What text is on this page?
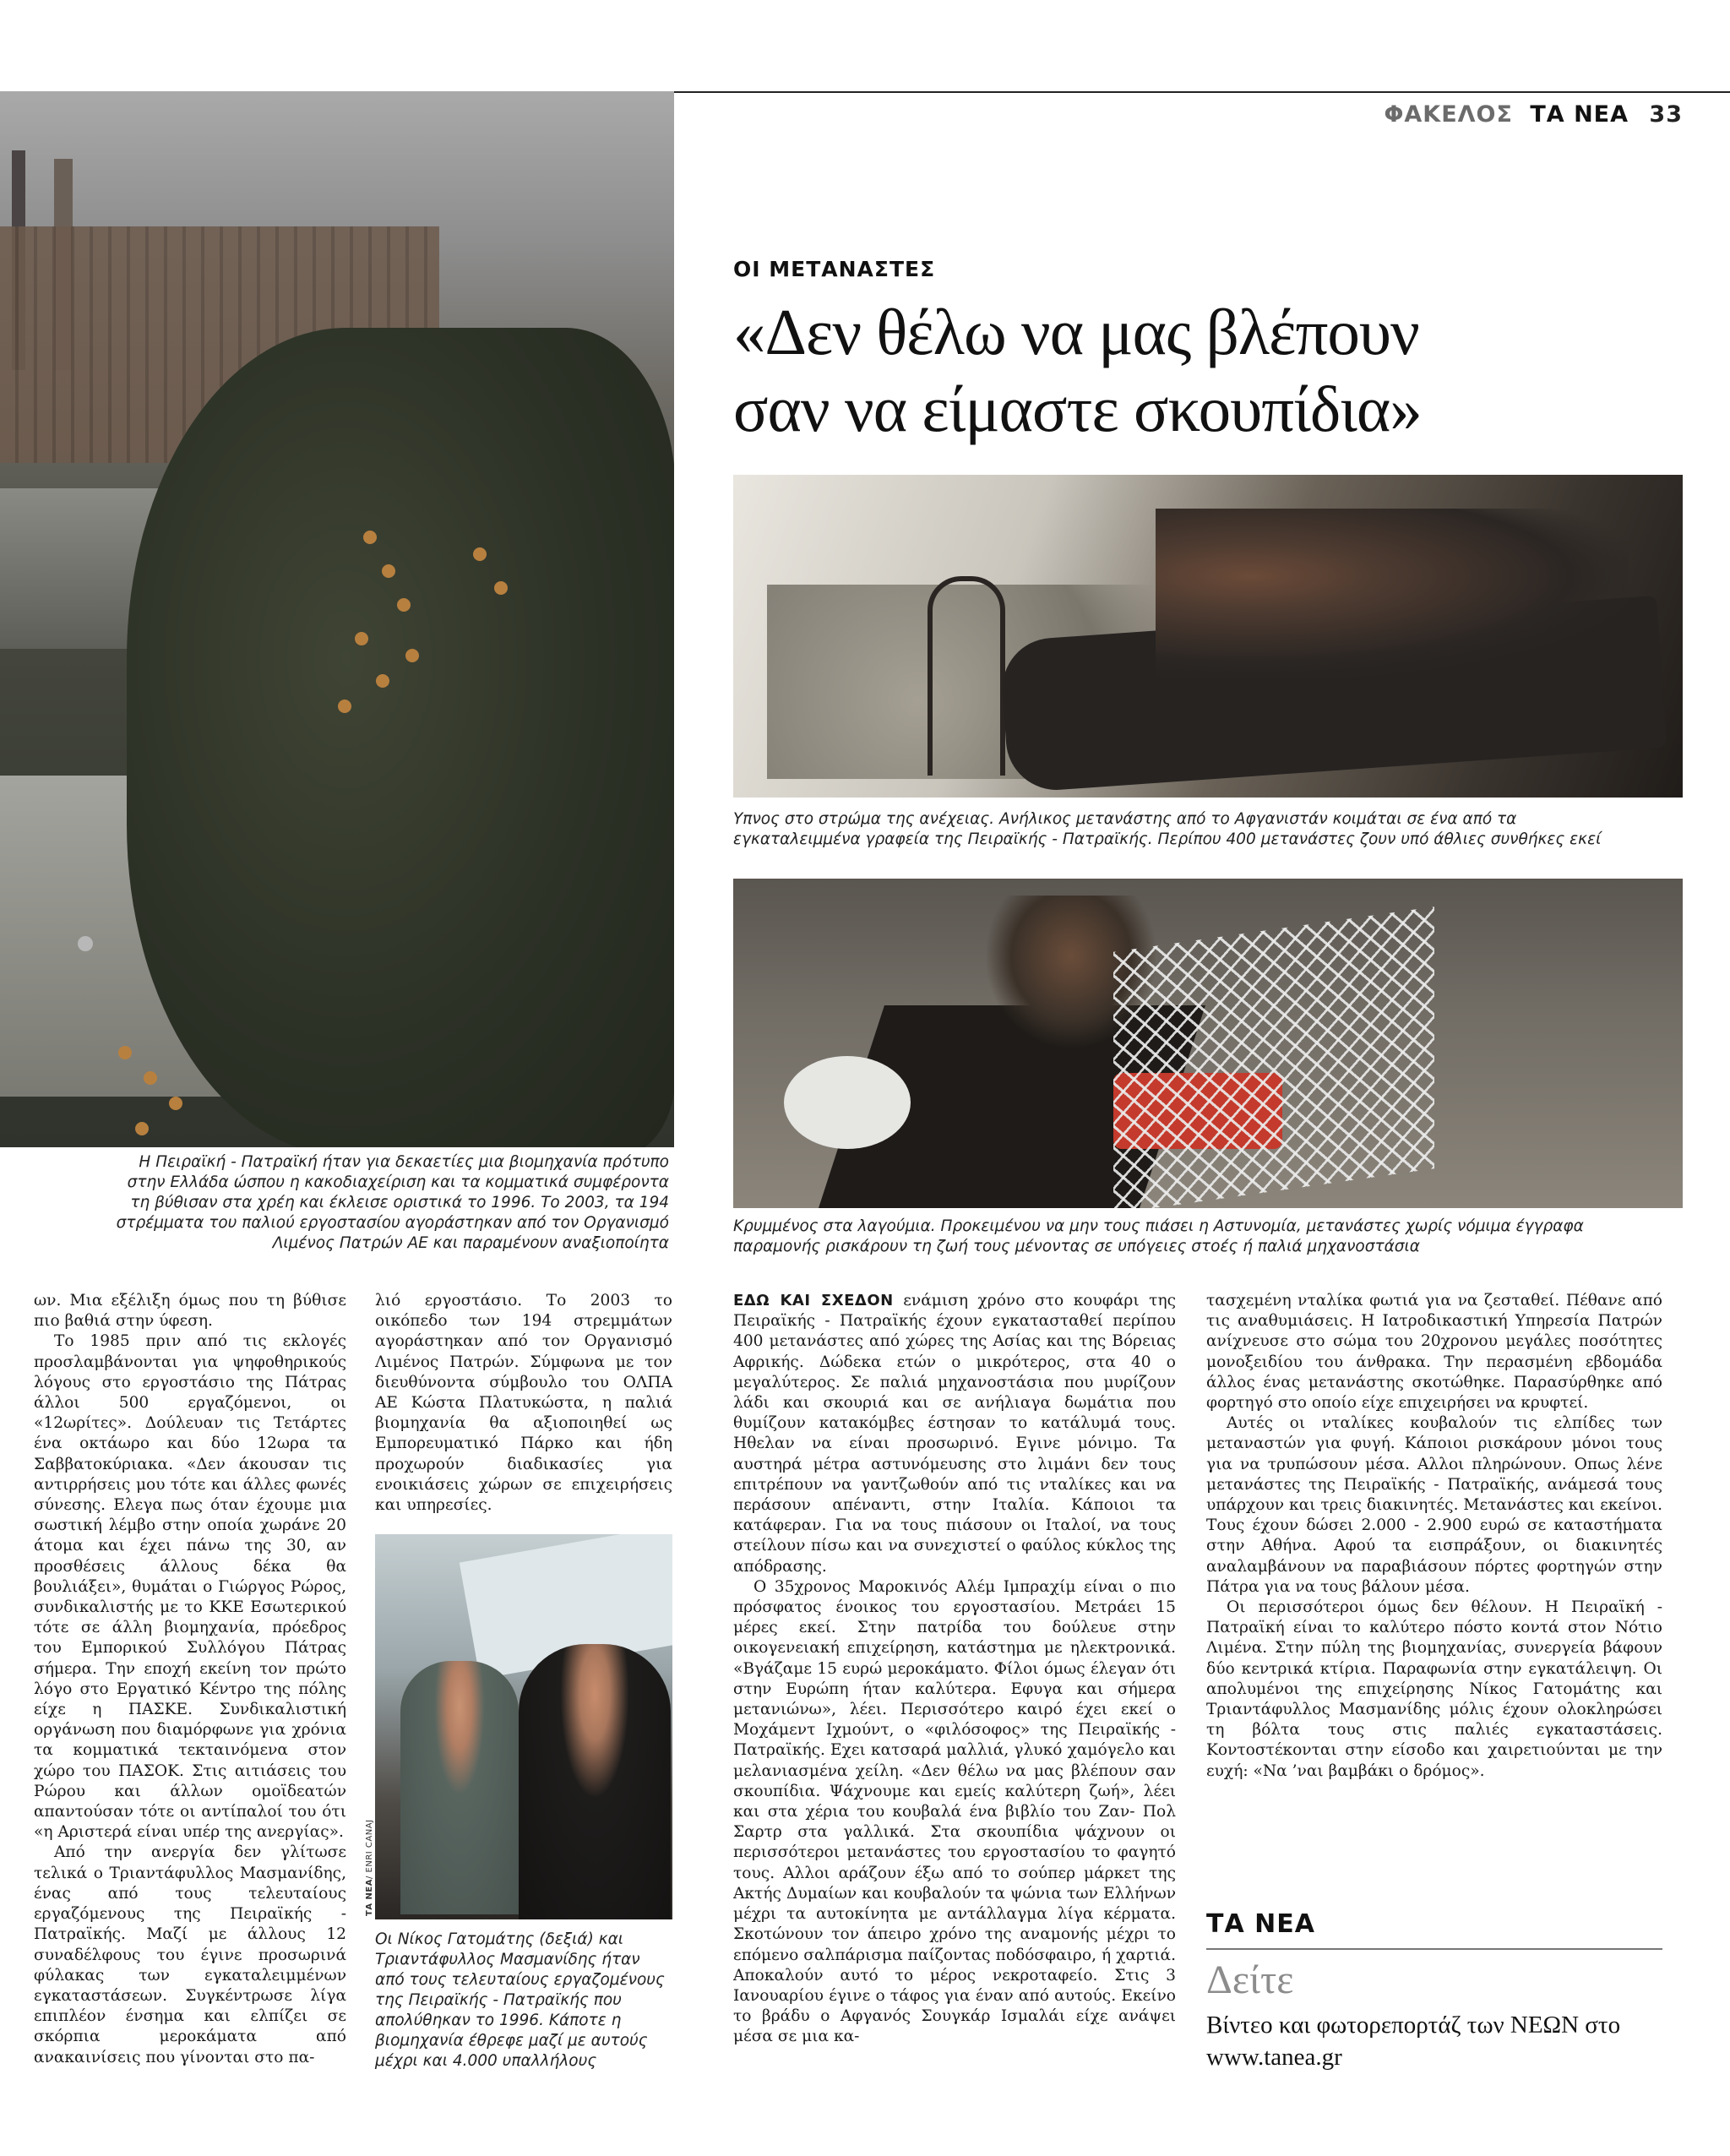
ΦΑΚΕΛΟΣ ΤΑ ΝΕΑ 33
Η Πειραϊκή - Πατραϊκή ήταν για δεκαετίες μια βιομηχανία πρότυπο
στην Ελλάδα ώσπου η κακοδιαχείριση και τα κομματικά συμφέροντα
τη βύθισαν στα χρέη και έκλεισε οριστικά το 1996. Το 2003, τα 194
στρέμματα του παλιού εργοστασίου αγοράστηκαν από τον Οργανισμό
Λιμένος Πατρών ΑΕ και παραμένουν αναξιοποίητα
ΟΙ ΜΕΤΑΝΑΣΤΕΣ
«Δεν θέλω να μας βλέπουν
σαν να είμαστε σκουπίδια»
Υπνος στο στρώμα της ανέχειας. Ανήλικος μετανάστης από το Αφγανιστάν κοιμάται σε ένα από τα
εγκαταλειμμένα γραφεία της Πειραϊκής - Πατραϊκής. Περίπου 400 μετανάστες ζουν υπό άθλιες συνθήκες εκεί
Κρυμμένος στα λαγούμια. Προκειμένου να μην τους πιάσει η Αστυνομία, μετανάστες χωρίς νόμιμα έγγραφα
παραμονής ρισκάρουν τη ζωή τους μένοντας σε υπόγειες στοές ή παλιά μηχανοστάσια

ων. Μια εξέλιξη όμως που τη βύθισε πιο βαθιά στην ύφεση.

Το 1985 πριν από τις εκλογές προσλαμβάνονται για ψηφοθηρικούς λόγους στο εργοστάσιο της Πάτρας άλλοι 500 εργαζόμενοι, οι «12ωρίτες». Δούλευαν τις Τετάρτες ένα οκτάωρο και δύο 12ωρα τα Σαββατοκύριακα. «Δεν άκουσαν τις αντιρρήσεις μου τότε και άλλες φωνές σύνεσης. Ελεγα πως όταν έχουμε μια σωστική λέμβο στην οποία χωράνε 20 άτομα και έχει πάνω της 30, αν προσθέσεις άλλους δέκα θα βουλιάξει», θυμάται ο Γιώργος Ρώρος, συνδικαλιστής με το ΚΚΕ Εσωτερικού τότε σε άλλη βιομηχανία, πρόεδρος του Εμπορικού Συλλόγου Πάτρας σήμερα. Την εποχή εκείνη τον πρώτο λόγο στο Εργατικό Κέντρο της πόλης είχε η ΠΑΣΚΕ. Συνδικαλιστική οργάνωση που διαμόρφωνε για χρόνια τα κομματικά τεκταινόμενα στον χώρο του ΠΑΣΟΚ. Στις αιτιάσεις του Ρώρου και άλλων ομοϊδεατών απαντούσαν τότε οι αντίπαλοί του ότι «η Αριστερά είναι υπέρ της ανεργίας».

Από την ανεργία δεν γλίτωσε τελικά ο Τριαντάφυλλος Μασμανίδης, ένας από τους τελευταίους εργαζόμενους της Πειραϊκής - Πατραϊκής. Μαζί με άλλους 12 συναδέλφους του έγινε προσωρινά φύλακας των εγκαταλειμμένων εγκαταστάσεων. Συγκέντρωσε λίγα επιπλέον ένσημα και ελπίζει σε σκόρπια μεροκάματα από ανακαινίσεις που γίνονται στο πα-

λιό εργοστάσιο. Το 2003 το οικόπεδο των 194 στρεμμάτων αγοράστηκαν από τον Οργανισμό Λιμένος Πατρών. Σύμφωνα με τον διευθύνοντα σύμβουλο του ΟΛΠΑ ΑΕ Κώστα Πλατυκώστα, η παλιά βιομηχανία θα αξιοποιηθεί ως Εμπορευματικό Πάρκο και ήδη προχωρούν διαδικασίες για ενοικιάσεις χώρων σε επιχειρήσεις και υπηρεσίες.

ΤΑ ΝΕΑ/ ENRI CANAJ
Οι Νίκος Γατομάτης (δεξιά) και
Τριαντάφυλλος Μασμανίδης ήταν
από τους τελευταίους εργαζομένους
της Πειραϊκής - Πατραϊκής που
απολύθηκαν το 1996. Κάποτε η
βιομηχανία έθρεφε μαζί με αυτούς
μέχρι και 4.000 υπαλλήλους

ΕΔΩ ΚΑΙ ΣΧΕΔΟΝ ενάμιση χρόνο στο κουφάρι της Πειραϊκής - Πατραϊκής έχουν εγκατασταθεί περίπου 400 μετανάστες από χώρες της Ασίας και της Βόρειας Αφρικής. Δώδεκα ετών ο μικρότερος, στα 40 ο μεγαλύτερος. Σε παλιά μηχανοστάσια που μυρίζουν λάδι και σκουριά και σε ανήλιαγα δωμάτια που θυμίζουν κατακόμβες έστησαν το κατάλυμά τους. Ηθελαν να είναι προσωρινό. Εγινε μόνιμο. Τα αυστηρά μέτρα αστυνόμευσης στο λιμάνι δεν τους επιτρέπουν να γαντζωθούν από τις νταλίκες και να περάσουν απέναντι, στην Ιταλία. Κάποιοι τα κατάφεραν. Για να τους πιάσουν οι Ιταλοί, να τους στείλουν πίσω και να συνεχιστεί ο φαύλος κύκλος της απόδρασης.

Ο 35χρονος Μαροκινός Αλέμ Ιμπραχίμ είναι ο πιο πρόσφατος ένοικος του εργοστασίου. Μετράει 15 μέρες εκεί. Στην πατρίδα του δούλευε στην οικογενειακή επιχείρηση, κατάστημα με ηλεκτρονικά. «Βγάζαμε 15 ευρώ μεροκάματο. Φίλοι όμως έλεγαν ότι στην Ευρώπη ήταν καλύτερα. Εφυγα και σήμερα μετανιώνω», λέει. Περισσότερο καιρό έχει εκεί ο Μοχάμεντ Ιχμούντ, ο «φιλόσοφος» της Πειραϊκής - Πατραϊκής. Εχει κατσαρά μαλλιά, γλυκό χαμόγελο και μελανιασμένα χείλη. «Δεν θέλω να μας βλέπουν σαν σκουπίδια. Ψάχνουμε και εμείς καλύτερη ζωή», λέει και στα χέρια του κουβαλά ένα βιβλίο του Ζαν- Πολ Σαρτρ στα γαλλικά. Στα σκουπίδια ψάχνουν οι περισσότεροι μετανάστες του εργοστασίου το φαγητό τους. Αλλοι αράζουν έξω από το σούπερ μάρκετ της Ακτής Δυμαίων και κουβαλούν τα ψώνια των Ελλήνων μέχρι τα αυτοκίνητα με αντάλλαγμα λίγα κέρματα. Σκοτώνουν τον άπειρο χρόνο της αναμονής μέχρι το επόμενο σαλπάρισμα παίζοντας ποδόσφαιρο, ή χαρτιά. Αποκαλούν αυτό το μέρος νεκροταφείο. Στις 3 Ιανουαρίου έγινε ο τάφος για έναν από αυτούς. Εκείνο το βράδυ ο Αφγανός Σουγκάρ Ισμαλάι είχε ανάψει μέσα σε μια κα-

τασχεμένη νταλίκα φωτιά για να ζεσταθεί. Πέθανε από τις αναθυμιάσεις. Η Ιατροδικαστική Υπηρεσία Πατρών ανίχνευσε στο σώμα του 20χρονου μεγάλες ποσότητες μονοξειδίου του άνθρακα. Την περασμένη εβδομάδα άλλος ένας μετανάστης σκοτώθηκε. Παρασύρθηκε από φορτηγό στο οποίο είχε επιχειρήσει να κρυφτεί.

Αυτές οι νταλίκες κουβαλούν τις ελπίδες των μεταναστών για φυγή. Κάποιοι ρισκάρουν μόνοι τους για να τρυπώσουν μέσα. Αλλοι πληρώνουν. Οπως λένε μετανάστες της Πειραϊκής - Πατραϊκής, ανάμεσά τους υπάρχουν και τρεις διακινητές. Μετανάστες και εκείνοι. Τους έχουν δώσει 2.000 - 2.900 ευρώ σε καταστήματα στην Αθήνα. Αφού τα εισπράξουν, οι διακινητές αναλαμβάνουν να παραβιάσουν πόρτες φορτηγών στην Πάτρα για να τους βάλουν μέσα.

Οι περισσότεροι όμως δεν θέλουν. Η Πειραϊκή - Πατραϊκή είναι το καλύτερο πόστο κοντά στον Νότιο Λιμένα. Στην πύλη της βιομηχανίας, συνεργεία βάφουν δύο κεντρικά κτίρια. Παραφωνία στην εγκατάλειψη. Οι απολυμένοι της επιχείρησης Νίκος Γατομάτης και Τριαντάφυλλος Μασμανίδης μόλις έχουν ολοκληρώσει τη βόλτα τους στις παλιές εγκαταστάσεις. Κοντοστέκονται στην είσοδο και χαιρετιούνται με την ευχή: «Να ’ναι βαμβάκι ο δρόμος».

ΤΑ ΝΕΑ
Δείτε
Βίντεο και φωτορεπορτάζ των ΝΕΩΝ στο
www.tanea.gr
